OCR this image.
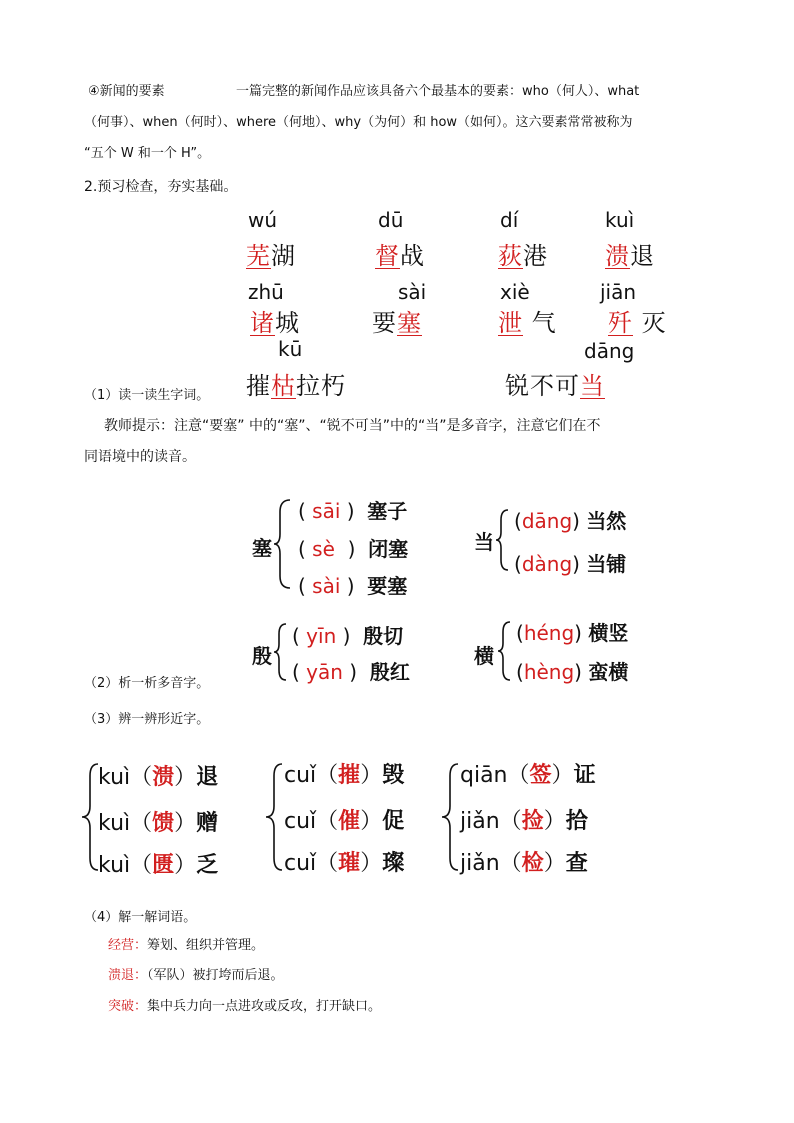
④新闻的要素	一篇完整的新闻作品应该具备六个最基本的要素：who（何人）、what
（何事）、when（何时）、where（何地）、why（为何）和 how（如何）。这六要素常常被称为
“五个 W 和一个 H”。
2.预习检查，夯实基础。
wú	dū	dí	kuì
芜湖	督战	荻港 溃退
zhū	sài	xiè	jiān
诸城	要塞	泄 气 歼 灭
kū	dāng
摧枯拉朽	锐不可当
（1）读一读生字词。
教师提示：注意“要塞” 中的“塞”、“锐不可当”中的“当”是多音字，注意它们在不
同语境中的读音。
塞
( sāi )  塞子
( sè  )  闭塞
( sài )  要塞
当
(dāng) 当然
(dàng) 当铺
殷
( yīn )  殷切
( yān )  殷红
横
(héng) 横竖
(hèng) 蛮横
（2）析一析多音字。
（3）辨一辨形近字。
kuì（溃）退
kuì（馈）赠
kuì（匮）乏
cuǐ（摧）毁
cuǐ（催）促
cuǐ（璀）璨
qiān（签）证
jiǎn（捡）拾
jiǎn（检）查
（4）解一解词语。
经营：筹划、组织并管理。
溃退：（军队）被打垮而后退。
突破：集中兵力向一点进攻或反攻，打开缺口。
